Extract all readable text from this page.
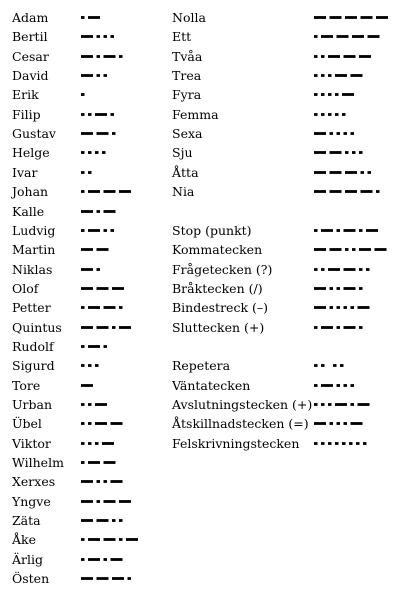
Adam
Bertil
Cesar
David
Erik
Filip
Gustav
Helge
Ivar
Johan
Kalle
Ludvig
Martin
Niklas
Olof
Petter
Quintus
Rudolf
Sigurd
Tore
Urban
Übel
Viktor
Wilhelm
Xerxes
Yngve
Zäta
Åke
Ärlig
Östen
Nolla
Ett
Tvåa
Trea
Fyra
Femma
Sexa
Sju
Åtta
Nia
Stop (punkt)
Kommatecken
Frågetecken (?)
Bråktecken (/)
Bindestreck (–)
Sluttecken (+)
Repetera
Väntatecken
Avslutningstecken (+)
Åtskillnadstecken (=)
Felskrivningstecken
